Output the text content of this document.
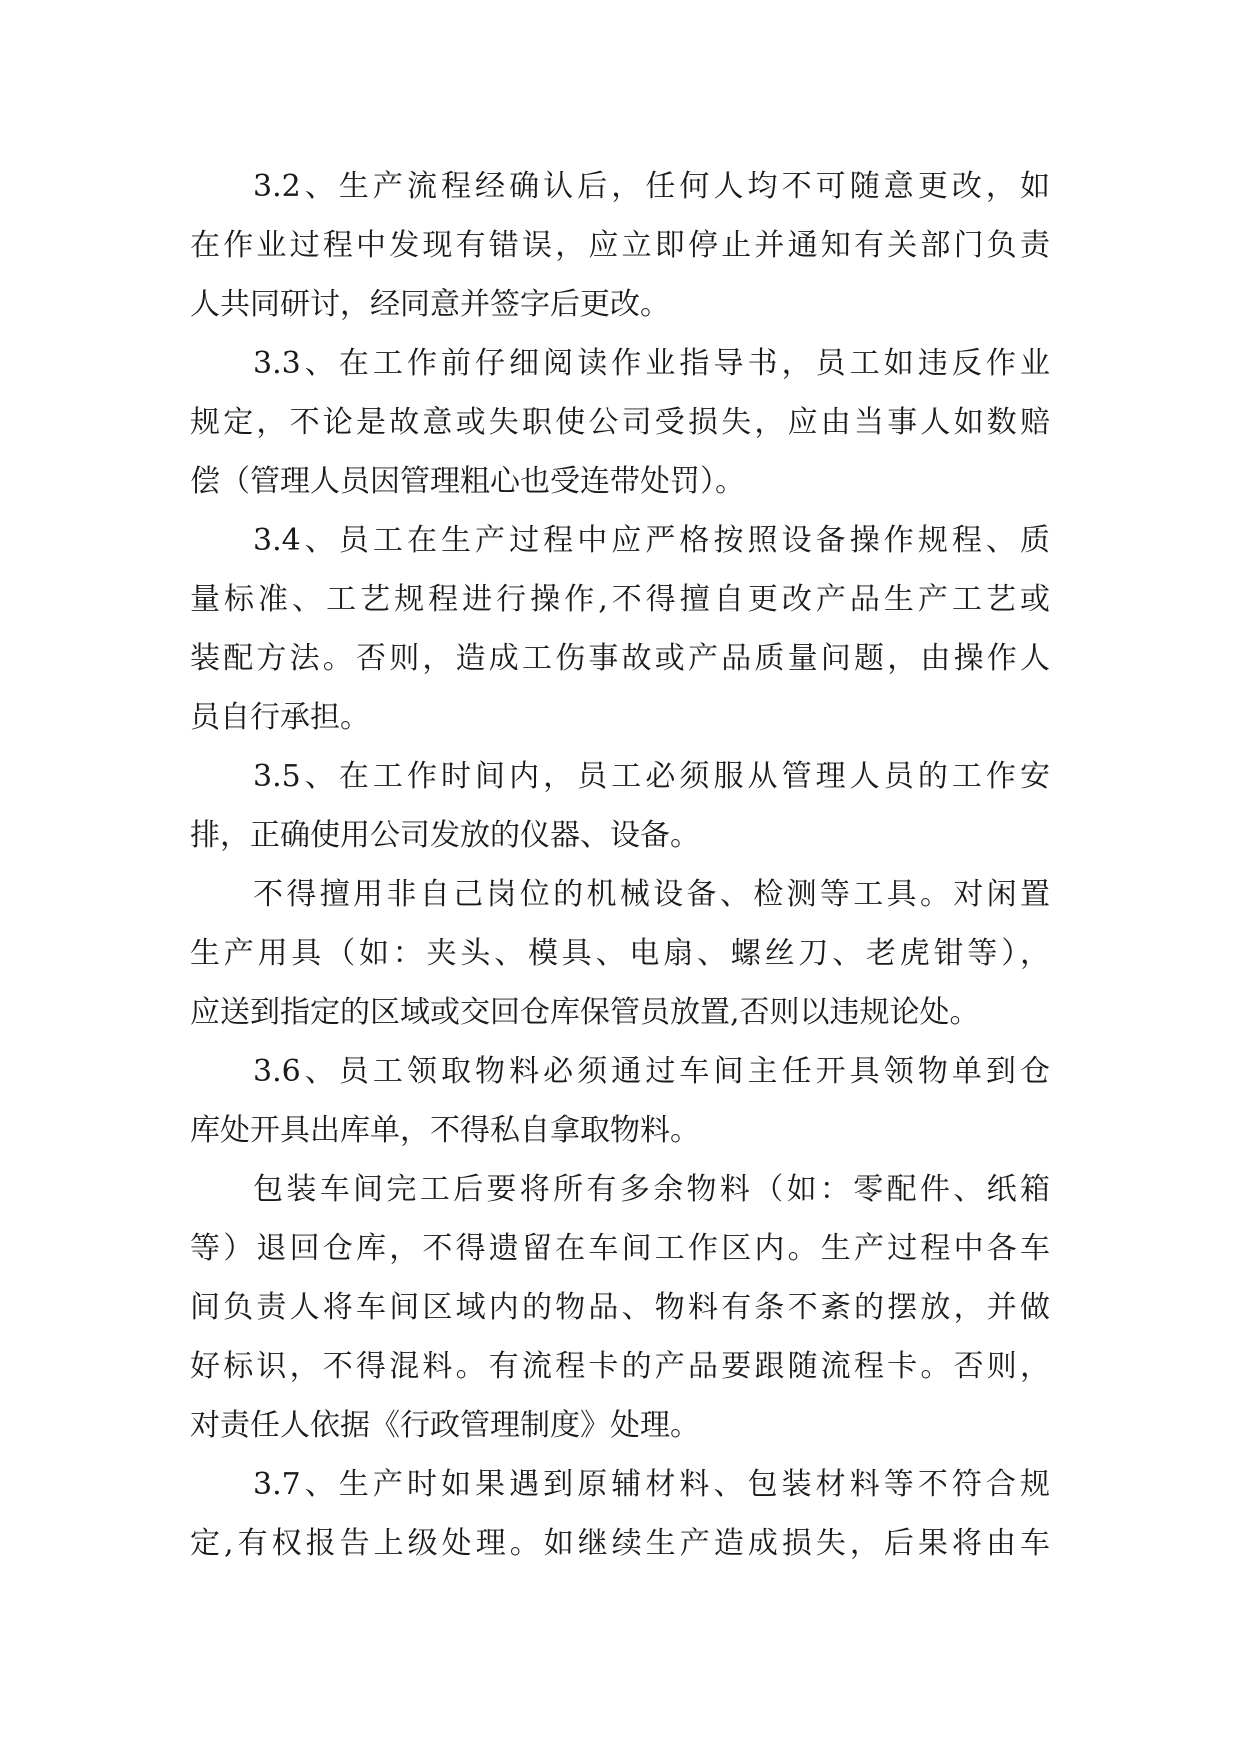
3.2、生产流程经确认后，任何人均不可随意更改，如
在作业过程中发现有错误，应立即停止并通知有关部门负责
人共同研讨，经同意并签字后更改。
3.3、在工作前仔细阅读作业指导书，员工如违反作业
规定，不论是故意或失职使公司受损失，应由当事人如数赔
偿（管理人员因管理粗心也受连带处罚）。
3.4、员工在生产过程中应严格按照设备操作规程、质
量标准、工艺规程进行操作,不得擅自更改产品生产工艺或
装配方法。否则，造成工伤事故或产品质量问题，由操作人
员自行承担。
3.5、在工作时间内，员工必须服从管理人员的工作安
排，正确使用公司发放的仪器、设备。
不得擅用非自己岗位的机械设备、检测等工具。对闲置
生产用具（如：夹头、模具、电扇、螺丝刀、老虎钳等），
应送到指定的区域或交回仓库保管员放置,否则以违规论处。
3.6、员工领取物料必须通过车间主任开具领物单到仓
库处开具出库单，不得私自拿取物料。
包装车间完工后要将所有多余物料（如：零配件、纸箱
等）退回仓库，不得遗留在车间工作区内。生产过程中各车
间负责人将车间区域内的物品、物料有条不紊的摆放，并做
好标识，不得混料。有流程卡的产品要跟随流程卡。否则，
对责任人依据《行政管理制度》处理。
3.7、生产时如果遇到原辅材料、包装材料等不符合规
定,有权报告上级处理。如继续生产造成损失，后果将由车
